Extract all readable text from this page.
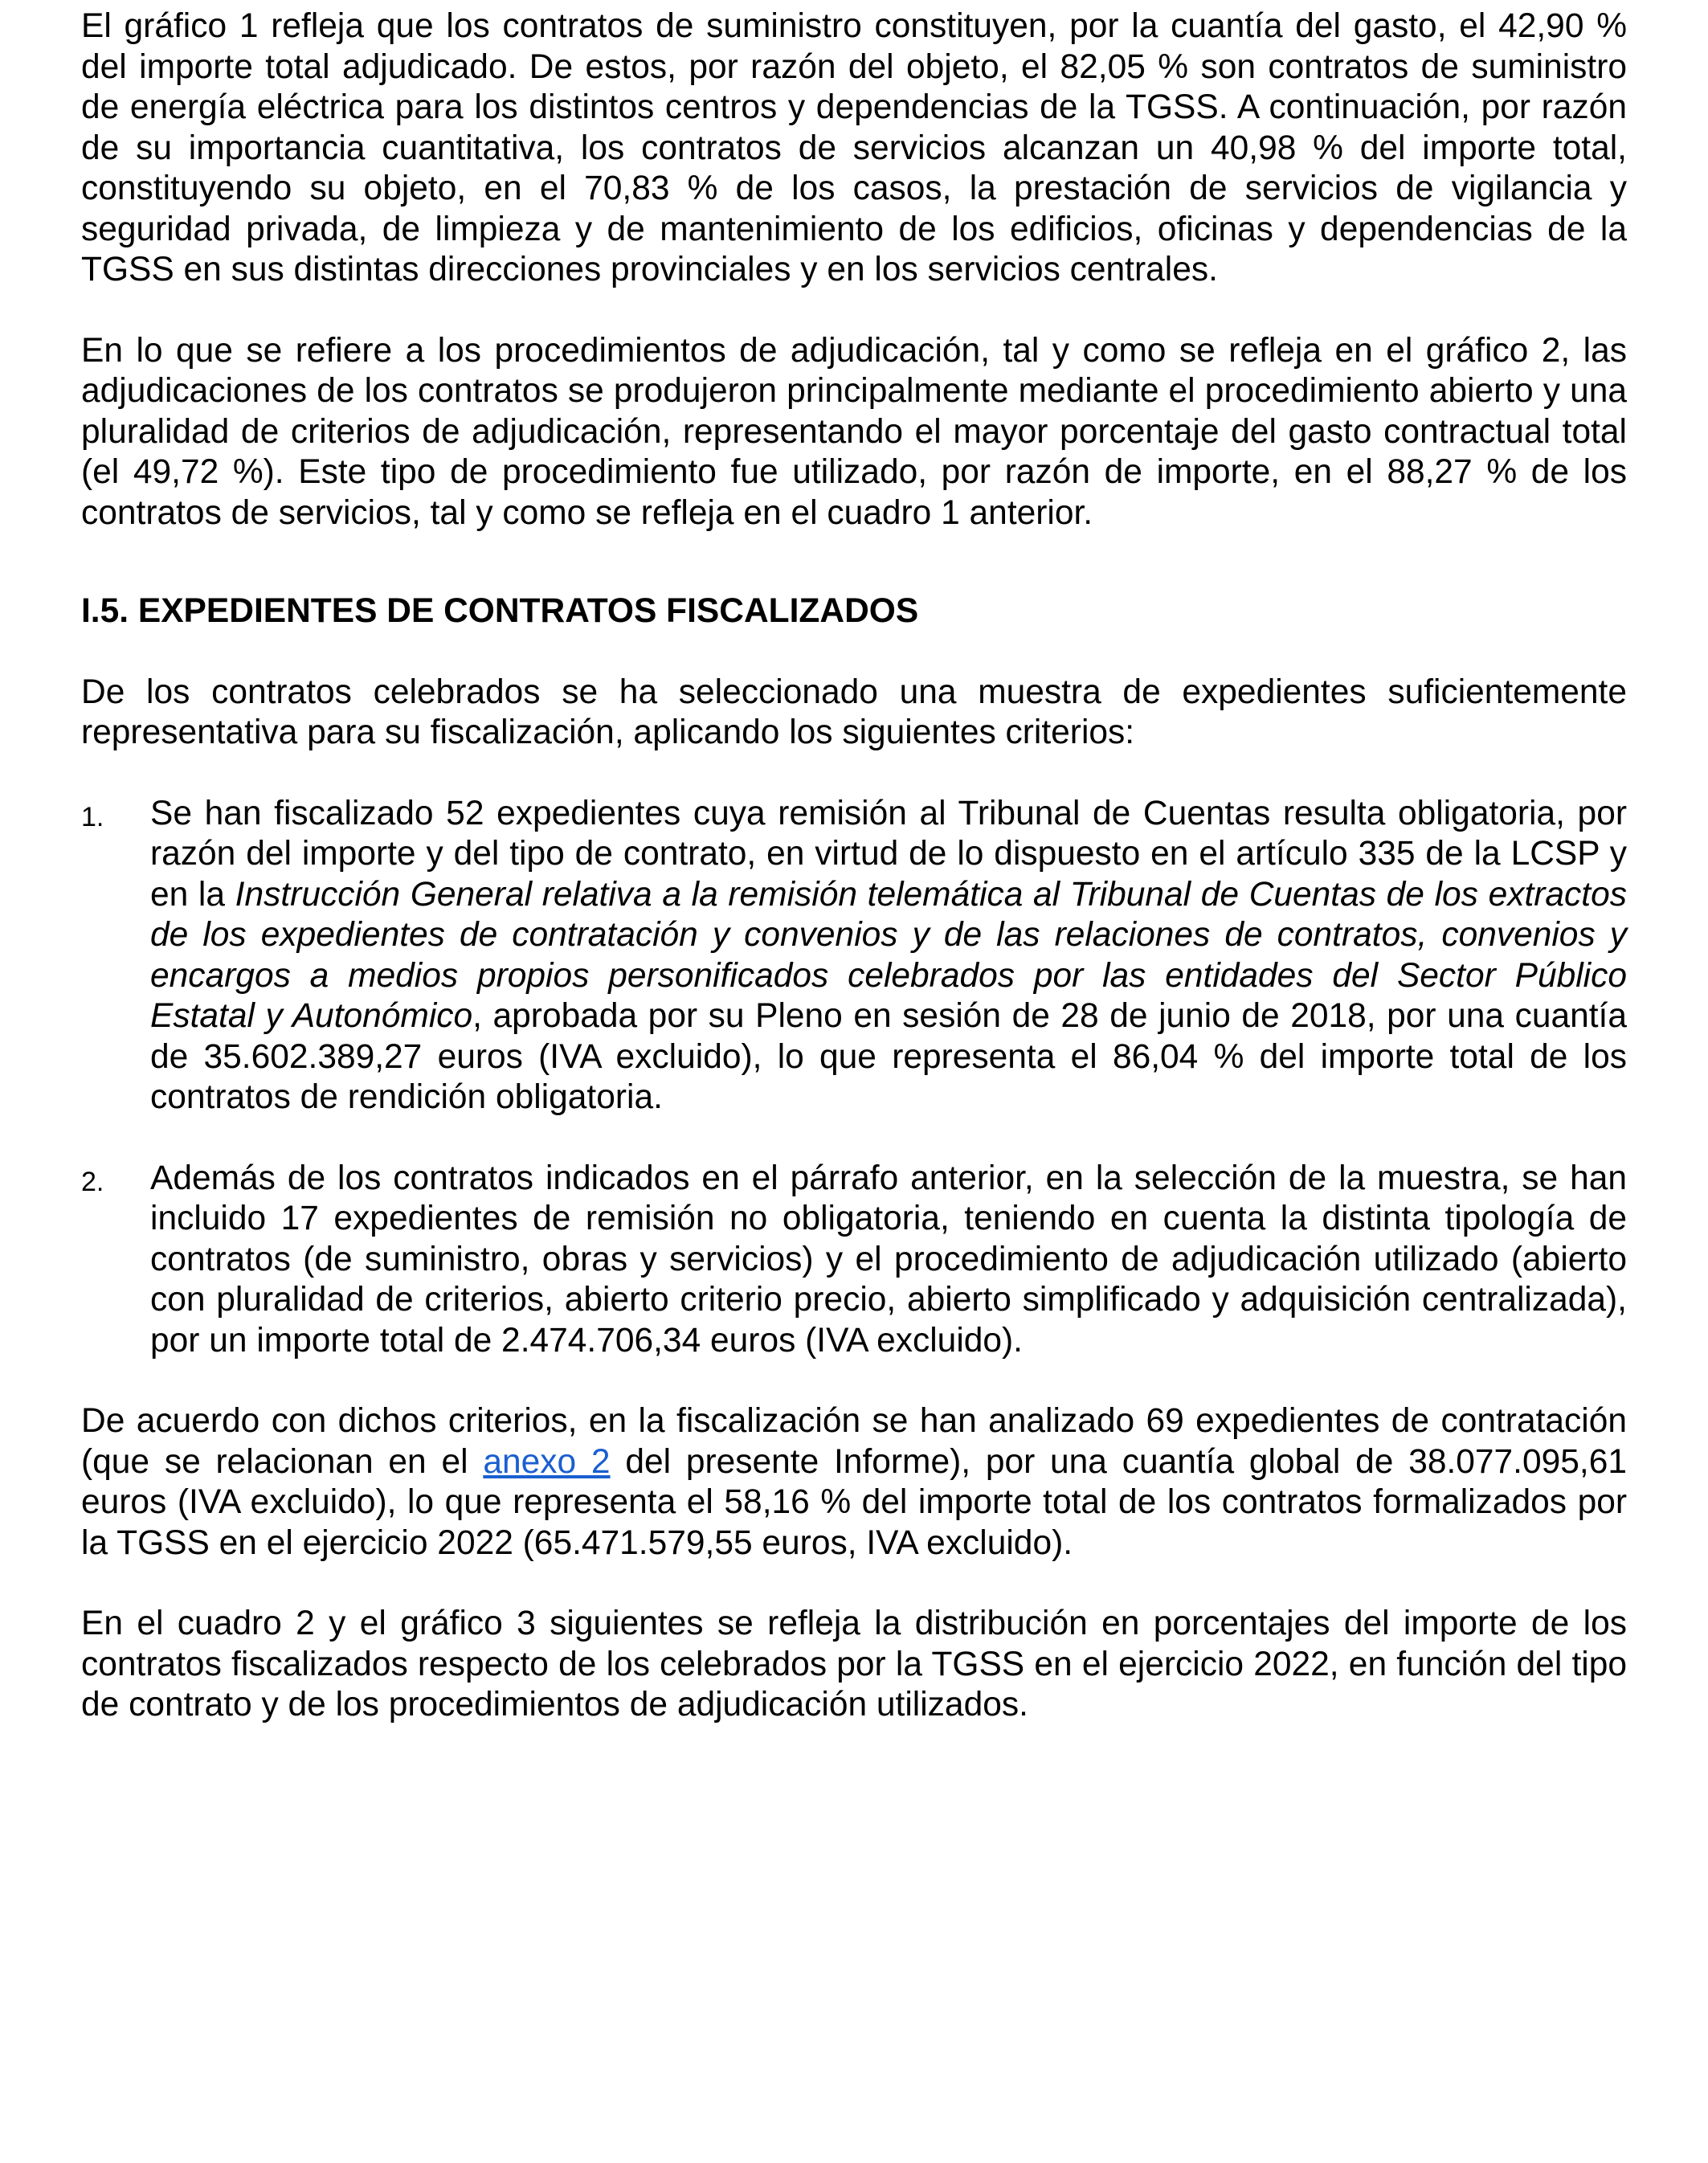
El gráfico 1 refleja que los contratos de suministro constituyen, por la cuantía del gasto, el 42,90 % del importe total adjudicado. De estos, por razón del objeto, el 82,05 % son contratos de suministro de energía eléctrica para los distintos centros y dependencias de la TGSS. A continuación, por razón de su importancia cuantitativa, los contratos de servicios alcanzan un 40,98 % del importe total, constituyendo su objeto, en el 70,83 % de los casos, la prestación de servicios de vigilancia y seguridad privada, de limpieza y de mantenimiento de los edificios, oficinas y dependencias de la TGSS en sus distintas direcciones provinciales y en los servicios centrales.

En lo que se refiere a los procedimientos de adjudicación, tal y como se refleja en el gráfico 2, las adjudicaciones de los contratos se produjeron principalmente mediante el procedimiento abierto y una pluralidad de criterios de adjudicación, representando el mayor porcentaje del gasto contractual total (el 49,72 %). Este tipo de procedimiento fue utilizado, por razón de importe, en el 88,27 % de los contratos de servicios, tal y como se refleja en el cuadro 1 anterior.

I.5. EXPEDIENTES DE CONTRATOS FISCALIZADOS

De los contratos celebrados se ha seleccionado una muestra de expedientes suficientemente representativa para su fiscalización, aplicando los siguientes criterios:

1. Se han fiscalizado 52 expedientes cuya remisión al Tribunal de Cuentas resulta obligatoria, por razón del importe y del tipo de contrato, en virtud de lo dispuesto en el artículo 335 de la LCSP y en la Instrucción General relativa a la remisión telemática al Tribunal de Cuentas de los extractos de los expedientes de contratación y convenios y de las relaciones de contratos, convenios y encargos a medios propios personificados celebrados por las entidades del Sector Público Estatal y Autonómico, aprobada por su Pleno en sesión de 28 de junio de 2018, por una cuantía de 35.602.389,27 euros (IVA excluido), lo que representa el 86,04 % del importe total de los contratos de rendición obligatoria.
2. Además de los contratos indicados en el párrafo anterior, en la selección de la muestra, se han incluido 17 expedientes de remisión no obligatoria, teniendo en cuenta la distinta tipología de contratos (de suministro, obras y servicios) y el procedimiento de adjudicación utilizado (abierto con pluralidad de criterios, abierto criterio precio, abierto simplificado y adquisición centralizada), por un importe total de 2.474.706,34 euros (IVA excluido).

De acuerdo con dichos criterios, en la fiscalización se han analizado 69 expedientes de contratación (que se relacionan en el anexo 2 del presente Informe), por una cuantía global de 38.077.095,61 euros (IVA excluido), lo que representa el 58,16 % del importe total de los contratos formalizados por la TGSS en el ejercicio 2022 (65.471.579,55 euros, IVA excluido).

En el cuadro 2 y el gráfico 3 siguientes se refleja la distribución en porcentajes del importe de los contratos fiscalizados respecto de los celebrados por la TGSS en el ejercicio 2022, en función del tipo de contrato y de los procedimientos de adjudicación utilizados.
